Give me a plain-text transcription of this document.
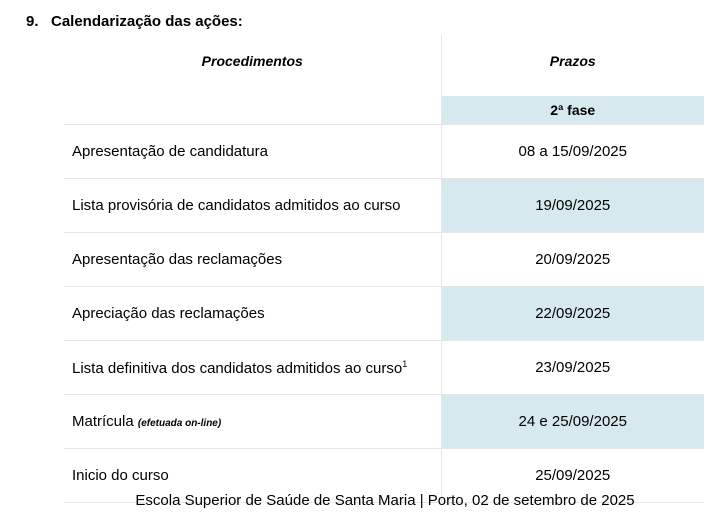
9. Calendarização das ações:
Procedimentos	Prazos
	2ª fase
Apresentação de candidatura	08 a 15/09/2025
Lista provisória de candidatos admitidos ao curso	19/09/2025
Apresentação das reclamações	20/09/2025
Apreciação das reclamações	22/09/2025
Lista definitiva dos candidatos admitidos ao curso$^1$	23/09/2025
Matrícula (efetuada on-line)	24 e 25/09/2025
Inicio do curso	25/09/2025
Escola Superior de Saúde de Santa Maria | Porto, 02 de setembro de 2025
